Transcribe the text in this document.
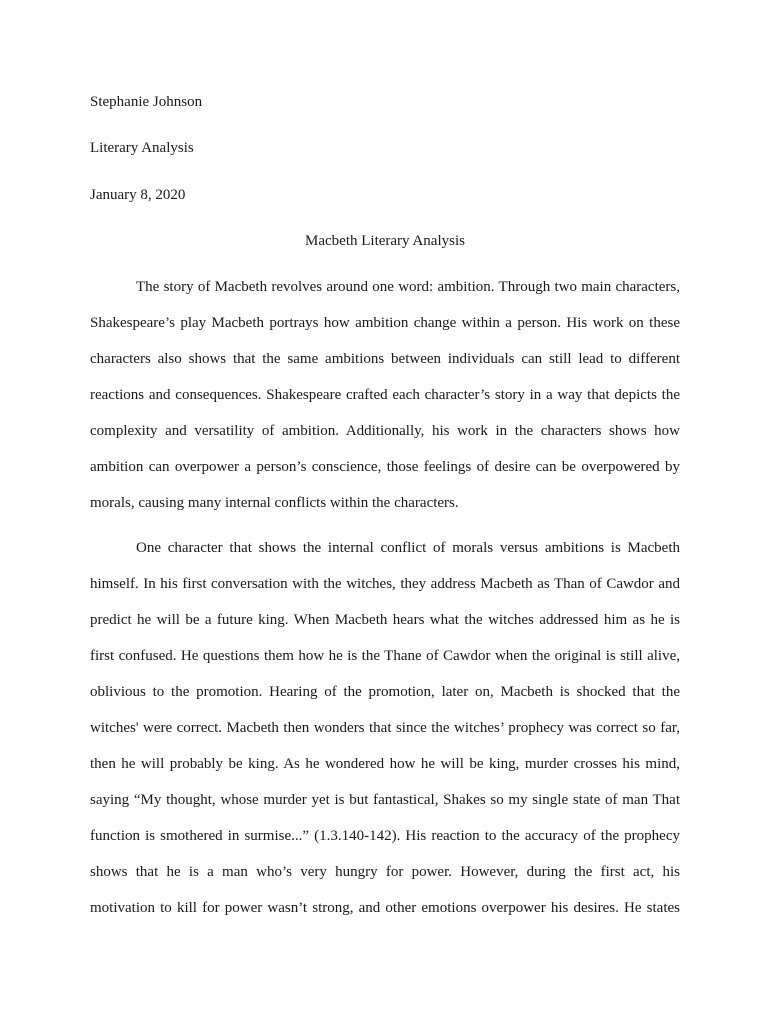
Stephanie Johnson
Literary Analysis
January 8, 2020
Macbeth Literary Analysis
The story of Macbeth revolves around one word: ambition. Through two main characters,
Shakespeare’s play Macbeth portrays how ambition change within a person. His work on these
characters also shows that the same ambitions between individuals can still lead to different
reactions and consequences. Shakespeare crafted each character’s story in a way that depicts the
complexity and versatility of ambition. Additionally, his work in the characters shows how
ambition can overpower a person’s conscience, those feelings of desire can be overpowered by
morals, causing many internal conflicts within the characters.
One character that shows the internal conflict of morals versus ambitions is Macbeth
himself. In his first conversation with the witches, they address Macbeth as Than of Cawdor and
predict he will be a future king. When Macbeth hears what the witches addressed him as he is
first confused. He questions them how he is the Thane of Cawdor when the original is still alive,
oblivious to the promotion. Hearing of the promotion, later on, Macbeth is shocked that the
witches' were correct. Macbeth then wonders that since the witches’ prophecy was correct so far,
then he will probably be king. As he wondered how he will be king, murder crosses his mind,
saying “My thought, whose murder yet is but fantastical, Shakes so my single state of man That
function is smothered in surmise...” (1.3.140-142). His reaction to the accuracy of the prophecy
shows that he is a man who’s very hungry for power. However, during the first act, his
motivation to kill for power wasn’t strong, and other emotions overpower his desires. He states
